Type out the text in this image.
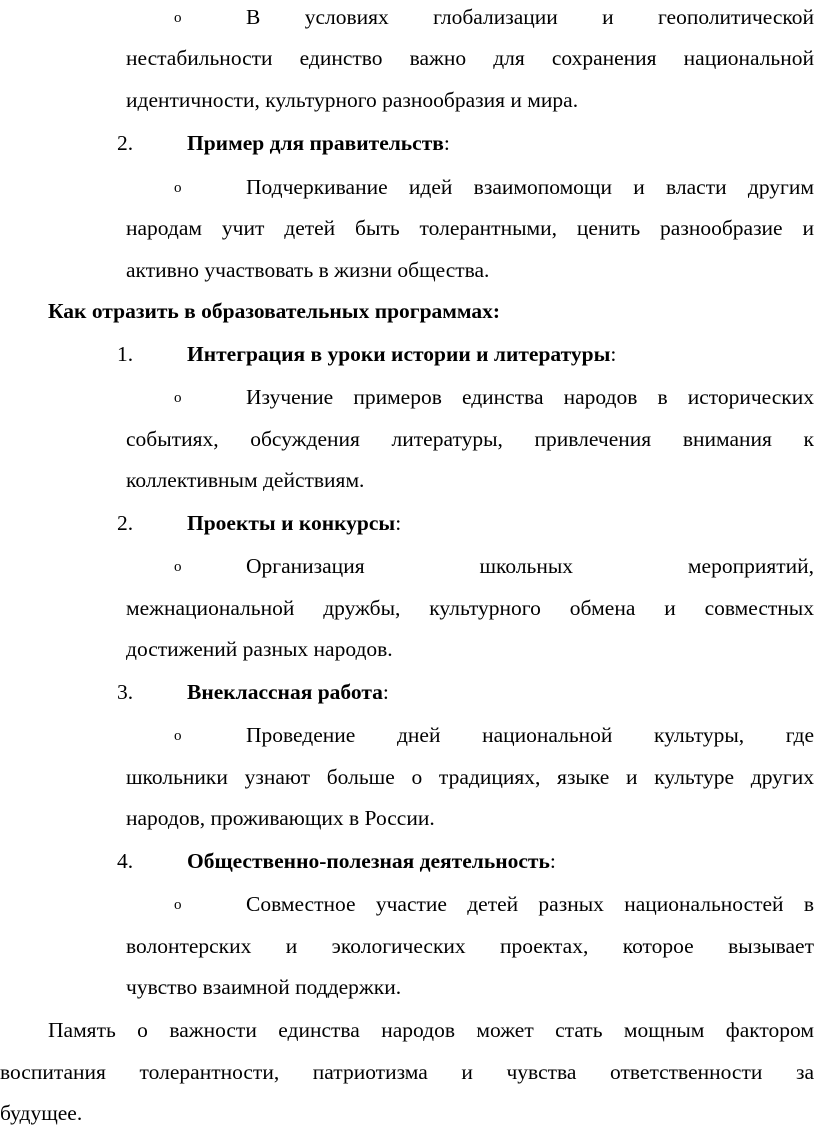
o	В условиях глобализации и геополитической
нестабильности единство важно для сохранения национальной
идентичности, культурного разнообразия и мира.
2.	Пример для правительств:
o	Подчеркивание идей взаимопомощи и власти другим
народам учит детей быть толерантными, ценить разнообразие и
активно участвовать в жизни общества.
Как отразить в образовательных программах:
1.	Интеграция в уроки истории и литературы:
o	Изучение примеров единства народов в исторических
событиях, обсуждения литературы, привлечения внимания к
коллективным действиям.
2.	Проекты и конкурсы:
o	Организация школьных мероприятий,
межнациональной дружбы, культурного обмена и совместных
достижений разных народов.
3.	Внеклассная работа:
o	Проведение дней национальной культуры, где
школьники узнают больше о традициях, языке и культуре других
народов, проживающих в России.
4.	Общественно-полезная деятельность:
o	Совместное участие детей разных национальностей в
волонтерских и экологических проектах, которое вызывает
чувство взаимной поддержки.
Память о важности единства народов может стать мощным фактором
воспитания толерантности, патриотизма и чувства ответственности за
будущее.
